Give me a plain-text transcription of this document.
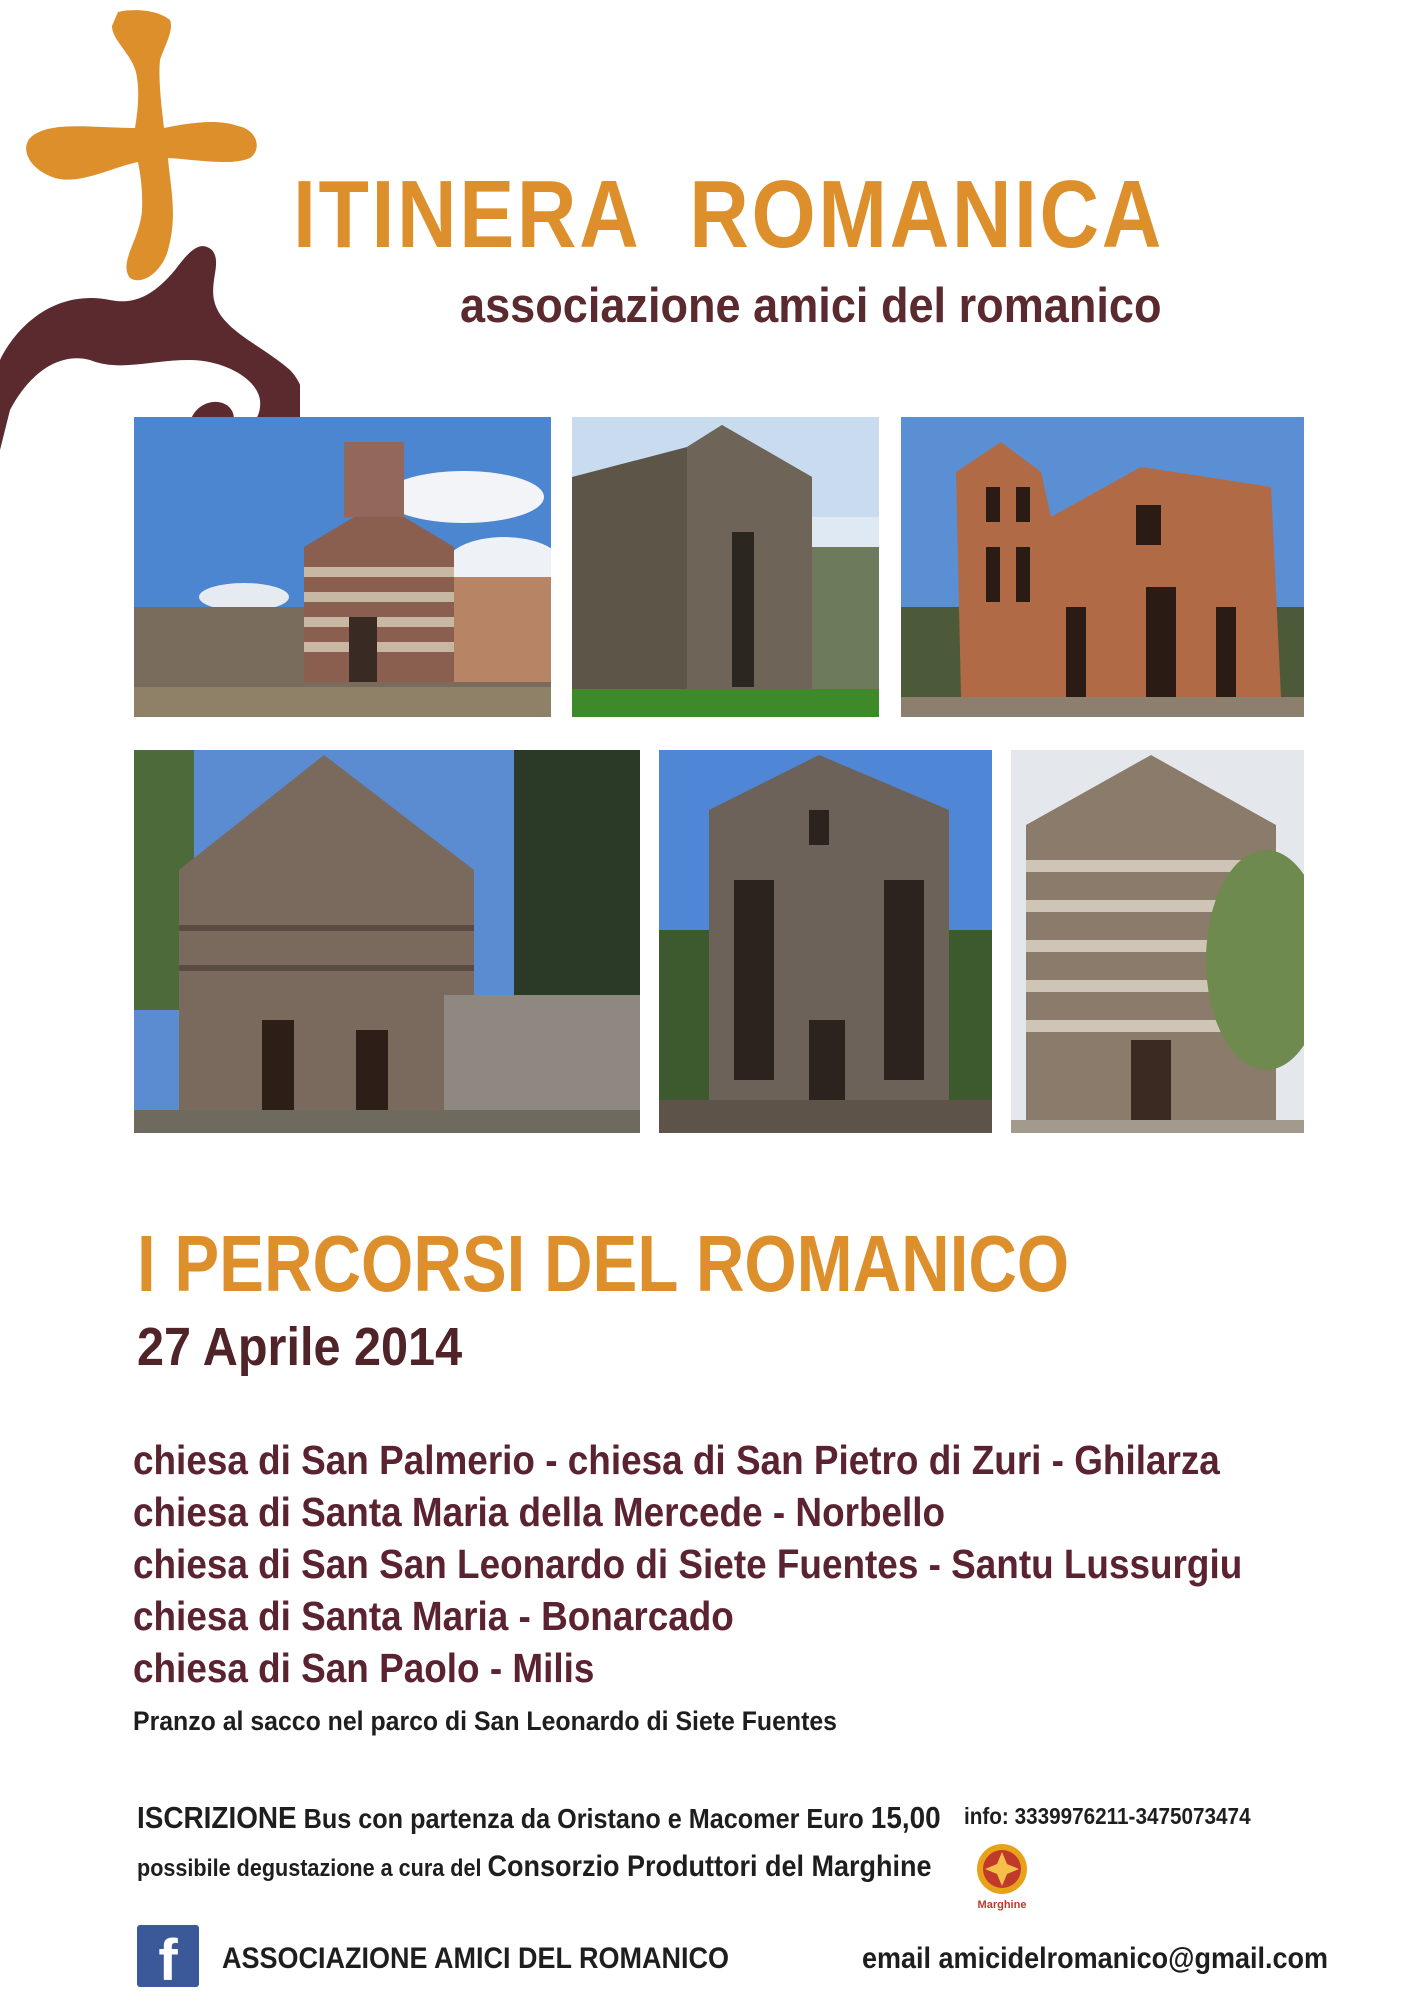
ITINERA  ROMANICA
associazione amici del romanico
I PERCORSI DEL ROMANICO
27 Aprile 2014
chiesa di San Palmerio - chiesa di San Pietro di Zuri - Ghilarza
chiesa di Santa Maria della Mercede - Norbello
chiesa di San San Leonardo di Siete Fuentes - Santu Lussurgiu
chiesa di Santa Maria - Bonarcado
chiesa di San Paolo - Milis
Pranzo al sacco nel parco di San Leonardo di Siete Fuentes
ISCRIZIONE Bus con partenza da Oristano e Macomer Euro 15,00 info: 3339976211-3475073474
possibile degustazione a cura del Consorzio Produttori del Marghine
Marghine
f	ASSOCIAZIONE AMICI DEL ROMANICO	email amicidelromanico@gmail.com
